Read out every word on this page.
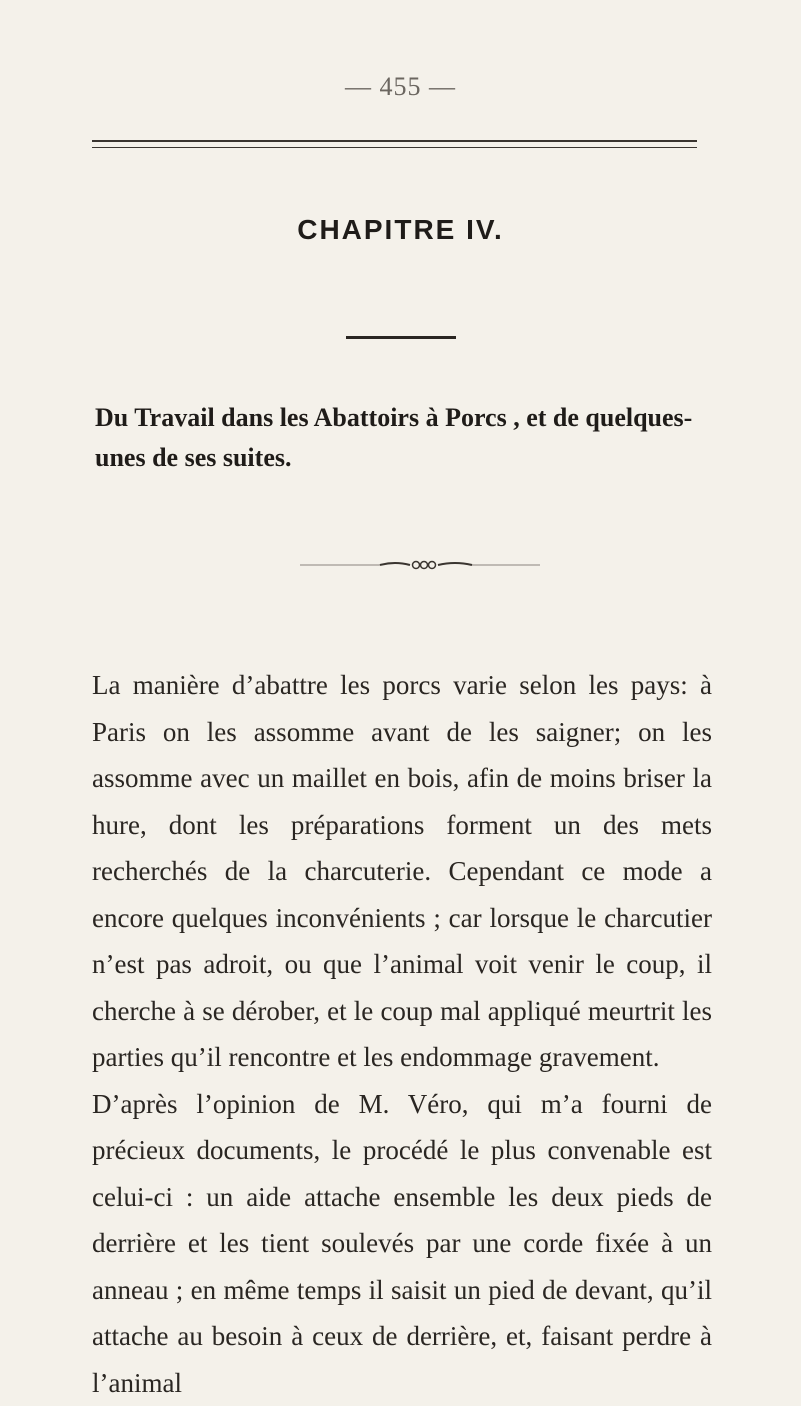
— 455 —
CHAPITRE IV.
Du Travail dans les Abattoirs à Porcs , et de quelques-unes de ses suites.

La manière d’abattre les porcs varie selon les pays: à Paris on les assomme avant de les saigner; on les assomme avec un maillet en bois, afin de moins briser la hure, dont les préparations forment un des mets recherchés de la charcuterie. Cependant ce mode a encore quelques inconvénients ; car lorsque le charcutier n’est pas adroit, ou que l’animal voit venir le coup, il cherche à se dérober, et le coup mal appliqué meurtrit les parties qu’il rencontre et les endommage gravement.

D’après l’opinion de M. Véro, qui m’a fourni de précieux documents, le procédé le plus convenable est celui-ci : un aide attache ensemble les deux pieds de derrière et les tient soulevés par une corde fixée à un anneau ; en même temps il saisit un pied de devant, qu’il attache au besoin à ceux de derrière, et, faisant perdre à l’animal
